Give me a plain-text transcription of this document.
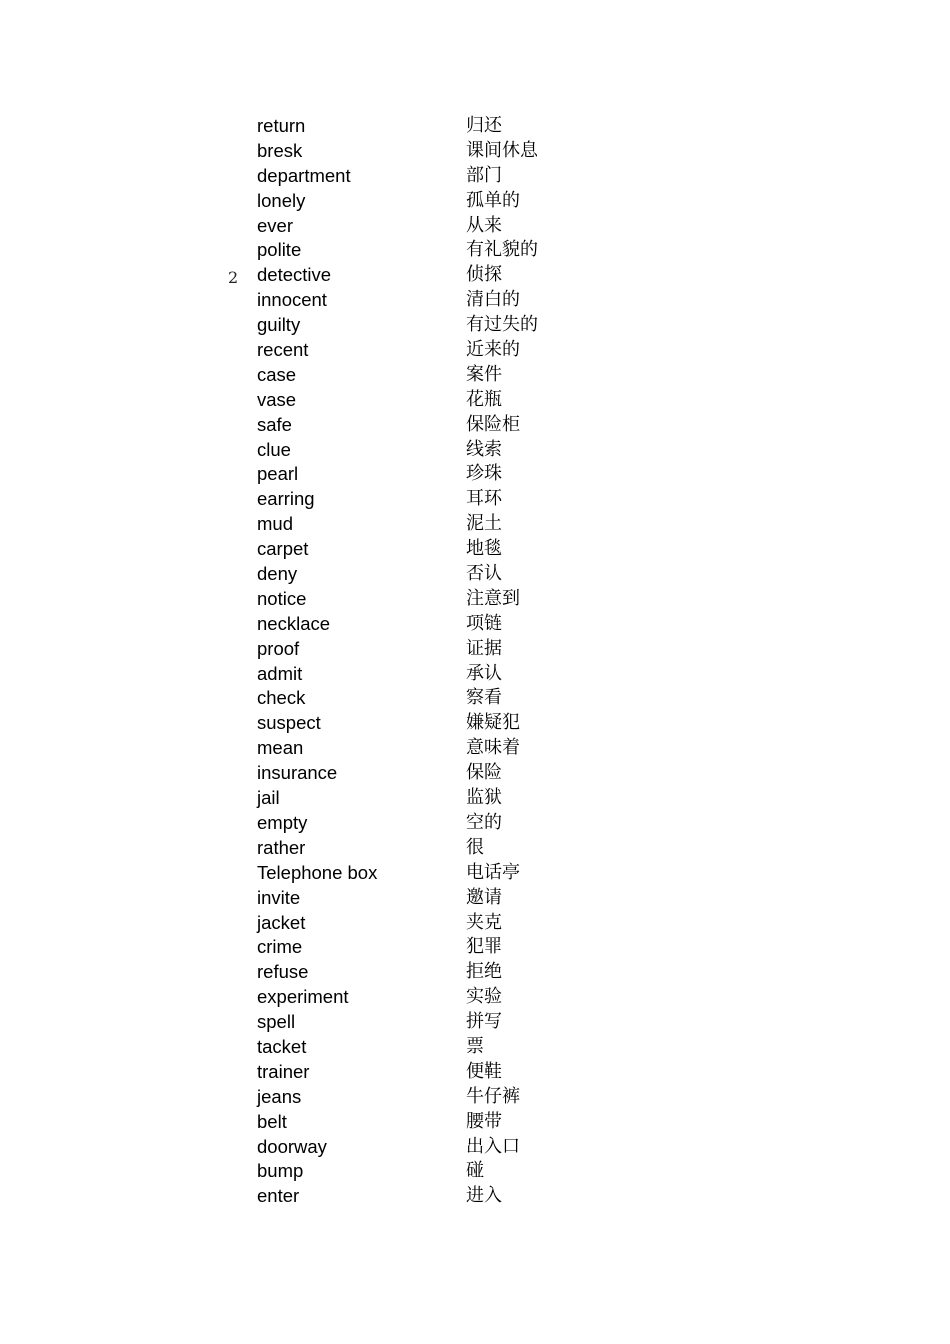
2
return	归还
bresk	课间休息
department	部门
lonely	孤单的
ever	从来
polite	有礼貌的
detective	侦探
innocent	清白的
guilty	有过失的
recent	近来的
case	案件
vase	花瓶
safe	保险柜
clue	线索
pearl	珍珠
earring	耳环
mud	泥土
carpet	地毯
deny	否认
notice	注意到
necklace	项链
proof	证据
admit	承认
check	察看
suspect	嫌疑犯
mean	意味着
insurance	保险
jail	监狱
empty	空的
rather	很
Telephone box	电话亭
invite	邀请
jacket	夹克
crime	犯罪
refuse	拒绝
experiment	实验
spell	拼写
tacket	票
trainer	便鞋
jeans	牛仔裤
belt	腰带
doorway	出入口
bump	碰
enter	进入
